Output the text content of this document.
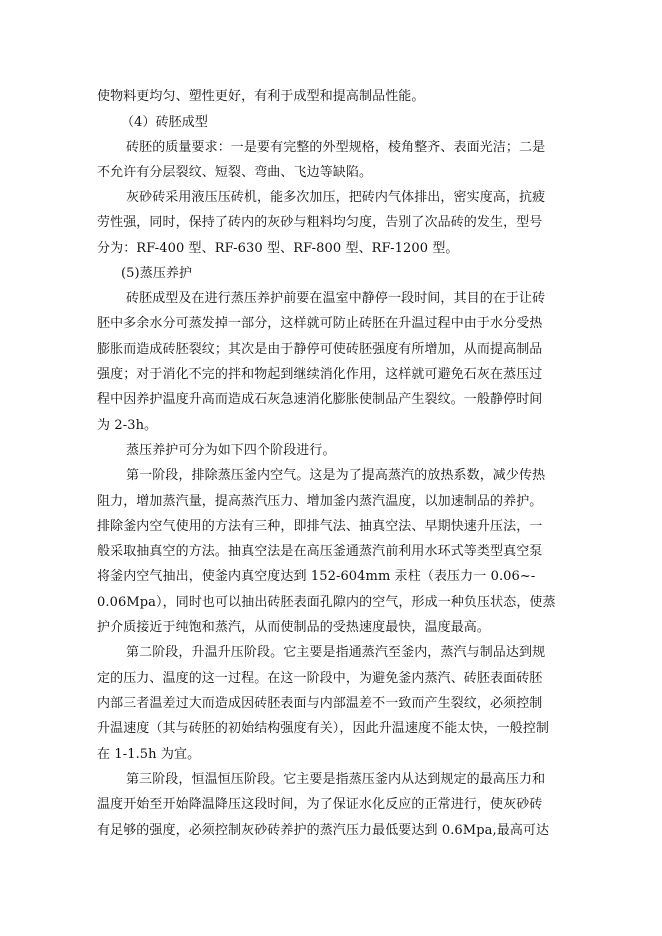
使物料更均匀、塑性更好，有利于成型和提高制品性能。
（4）砖胚成型
砖胚的质量要求：一是要有完整的外型规格，棱角整齐、表面光洁；二是
不允许有分层裂纹、短裂、弯曲、飞边等缺陷。
灰砂砖采用液压压砖机，能多次加压，把砖内气体排出，密实度高，抗疲
劳性强，同时，保持了砖内的灰砂与粗料均匀度，告别了次品砖的发生，型号
分为：RF-400 型、RF-630 型、RF-800 型、RF-1200 型。
(5)蒸压养护
砖胚成型及在进行蒸压养护前要在温室中静停一段时间，其目的在于让砖
胚中多余水分可蒸发掉一部分，这样就可防止砖胚在升温过程中由于水分受热
膨胀而造成砖胚裂纹；其次是由于静停可使砖胚强度有所增加，从而提高制品
强度；对于消化不完的拌和物起到继续消化作用，这样就可避免石灰在蒸压过
程中因养护温度升高而造成石灰急速消化膨胀使制品产生裂纹。一般静停时间
为 2-3h。
蒸压养护可分为如下四个阶段进行。
第一阶段，排除蒸压釜内空气。这是为了提高蒸汽的放热系数，减少传热
阻力，增加蒸汽量，提高蒸汽压力、增加釜内蒸汽温度，以加速制品的养护。
排除釜内空气使用的方法有三种，即排气法、抽真空法、早期快速升压法，一
般采取抽真空的方法。抽真空法是在高压釜通蒸汽前利用水环式等类型真空泵
将釜内空气抽出，使釜内真空度达到 152-604mm 汞柱（表压力一 0.06~-
0.06Mpa），同时也可以抽出砖胚表面孔隙内的空气，形成一种负压状态，使蒸
护介质接近于纯饱和蒸汽，从而使制品的受热速度最快，温度最高。
第二阶段，升温升压阶段。它主要是指通蒸汽至釜内，蒸汽与制品达到规
定的压力、温度的这一过程。在这一阶段中，为避免釜内蒸汽、砖胚表面砖胚
内部三者温差过大而造成因砖胚表面与内部温差不一致而产生裂纹，必须控制
升温速度（其与砖胚的初始结构强度有关），因此升温速度不能太快，一般控制
在 1-1.5h 为宜。
第三阶段，恒温恒压阶段。它主要是指蒸压釜内从达到规定的最高压力和
温度开始至开始降温降压这段时间，为了保证水化反应的正常进行，使灰砂砖
有足够的强度，必须控制灰砂砖养护的蒸汽压力最低要达到 0.6Mpa,最高可达
